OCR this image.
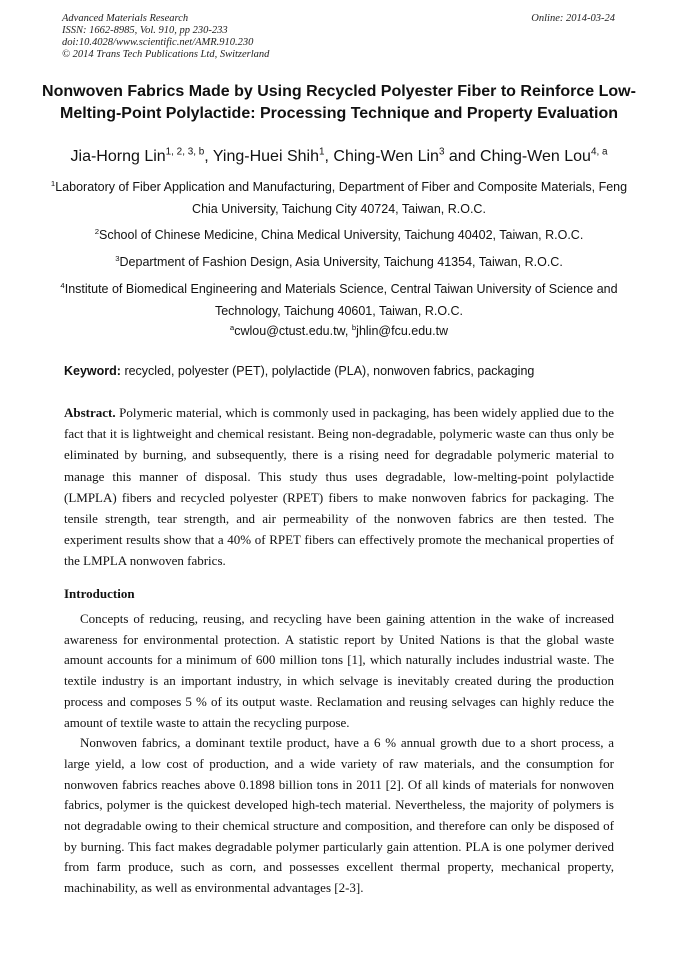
Advanced Materials Research
ISSN: 1662-8985, Vol. 910, pp 230-233
doi:10.4028/www.scientific.net/AMR.910.230
© 2014 Trans Tech Publications Ltd, Switzerland
Online: 2014-03-24
Nonwoven Fabrics Made by Using Recycled Polyester Fiber to Reinforce Low-Melting-Point Polylactide: Processing Technique and Property Evaluation
Jia-Horng Lin$^{1, 2, 3, b}$, Ying-Huei Shih$^1$, Ching-Wen Lin$^3$ and Ching-Wen Lou$^{4, a}$
$^1$Laboratory of Fiber Application and Manufacturing, Department of Fiber and Composite Materials, Feng Chia University, Taichung City 40724, Taiwan, R.O.C.
$^2$School of Chinese Medicine, China Medical University, Taichung 40402, Taiwan, R.O.C.
$^3$Department of Fashion Design, Asia University, Taichung 41354, Taiwan, R.O.C.
$^4$Institute of Biomedical Engineering and Materials Science, Central Taiwan University of Science and Technology, Taichung 40601, Taiwan, R.O.C.
$^a$cwlou@ctust.edu.tw, $^b$jhlin@fcu.edu.tw
Keyword: recycled, polyester (PET), polylactide (PLA), nonwoven fabrics, packaging
Abstract. Polymeric material, which is commonly used in packaging, has been widely applied due to the fact that it is lightweight and chemical resistant. Being non-degradable, polymeric waste can thus only be eliminated by burning, and subsequently, there is a rising need for degradable polymeric material to manage this manner of disposal. This study thus uses degradable, low-melting-point polylactide (LMPLA) fibers and recycled polyester (RPET) fibers to make nonwoven fabrics for packaging. The tensile strength, tear strength, and air permeability of the nonwoven fabrics are then tested. The experiment results show that a 40% of RPET fibers can effectively promote the mechanical properties of the LMPLA nonwoven fabrics.
Introduction

Concepts of reducing, reusing, and recycling have been gaining attention in the wake of increased awareness for environmental protection. A statistic report by United Nations is that the global waste amount accounts for a minimum of 600 million tons [1], which naturally includes industrial waste. The textile industry is an important industry, in which selvage is inevitably created during the production process and composes 5 % of its output waste. Reclamation and reusing selvages can highly reduce the amount of textile waste to attain the recycling purpose.

Nonwoven fabrics, a dominant textile product, have a 6 % annual growth due to a short process, a large yield, a low cost of production, and a wide variety of raw materials, and the consumption for nonwoven fabrics reaches above 0.1898 billion tons in 2011 [2]. Of all kinds of materials for nonwoven fabrics, polymer is the quickest developed high-tech material. Nevertheless, the majority of polymers is not degradable owing to their chemical structure and composition, and therefore can only be disposed of by burning. This fact makes degradable polymer particularly gain attention. PLA is one polymer derived from farm produce, such as corn, and possesses excellent thermal property, mechanical property, machinability, as well as environmental advantages [2-3].
